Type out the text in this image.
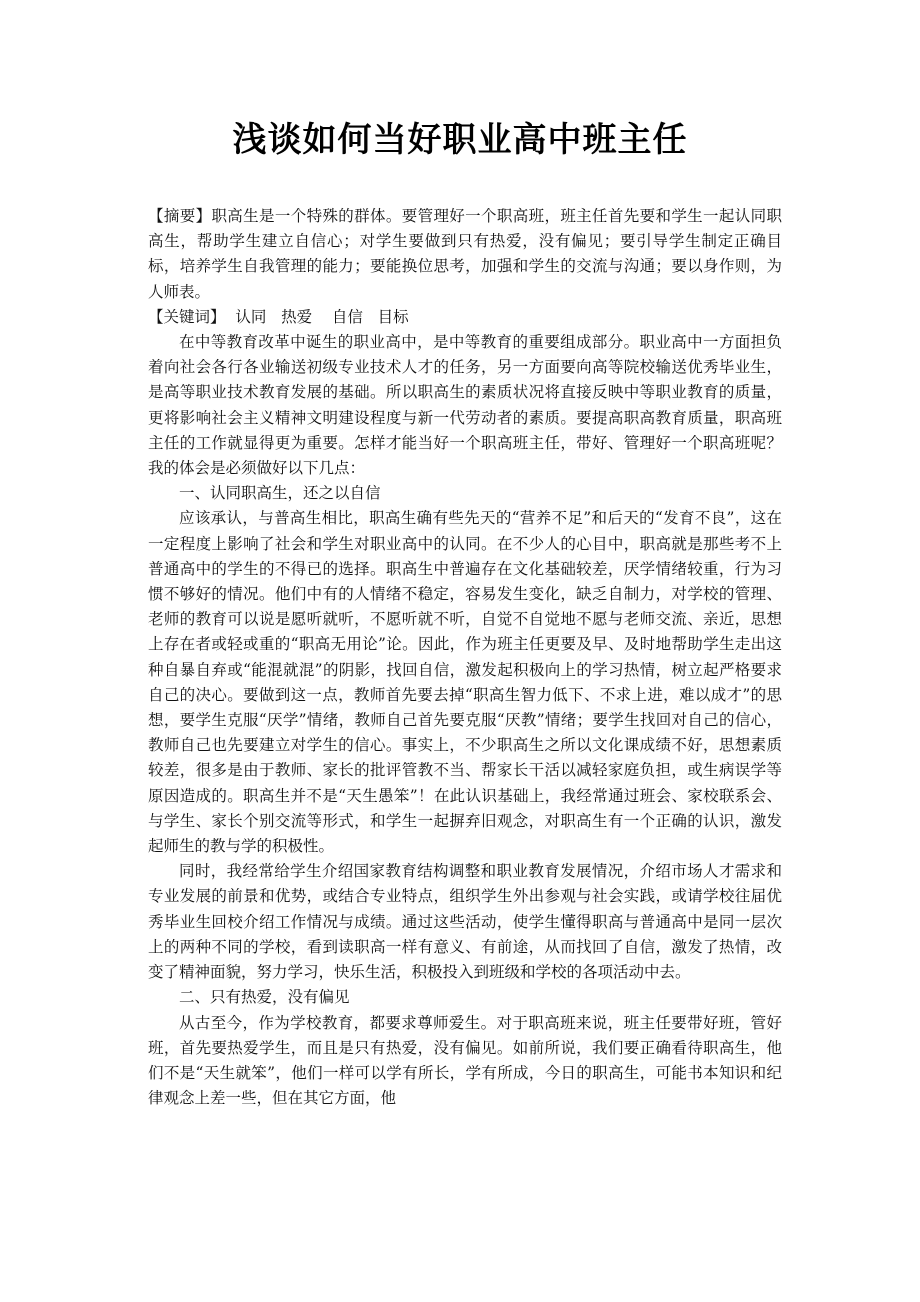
浅谈如何当好职业高中班主任

【摘要】职高生是一个特殊的群体。要管理好一个职高班，班主任首先要和学生一起认同职高生，帮助学生建立自信心；对学生要做到只有热爱，没有偏见；要引导学生制定正确目标，培养学生自我管理的能力；要能换位思考，加强和学生的交流与沟通；要以身作则，为人师表。

【关键词】  认同   热爱    自信   目标

在中等教育改革中诞生的职业高中，是中等教育的重要组成部分。职业高中一方面担负着向社会各行各业输送初级专业技术人才的任务，另一方面要向高等院校输送优秀毕业生，是高等职业技术教育发展的基础。所以职高生的素质状况将直接反映中等职业教育的质量，更将影响社会主义精神文明建设程度与新一代劳动者的素质。要提高职高教育质量，职高班主任的工作就显得更为重要。怎样才能当好一个职高班主任，带好、管理好一个职高班呢？我的体会是必须做好以下几点：

一、认同职高生，还之以自信

应该承认，与普高生相比，职高生确有些先天的“营养不足”和后天的“发育不良”，这在一定程度上影响了社会和学生对职业高中的认同。在不少人的心目中，职高就是那些考不上普通高中的学生的不得已的选择。职高生中普遍存在文化基础较差，厌学情绪较重，行为习惯不够好的情况。他们中有的人情绪不稳定，容易发生变化，缺乏自制力，对学校的管理、老师的教育可以说是愿听就听，不愿听就不听，自觉不自觉地不愿与老师交流、亲近，思想上存在者或轻或重的“职高无用论”论。因此，作为班主任更要及早、及时地帮助学生走出这种自暴自弃或“能混就混”的阴影，找回自信，激发起积极向上的学习热情，树立起严格要求自己的决心。要做到这一点，教师首先要去掉“职高生智力低下、不求上进，难以成才”的思想，要学生克服“厌学”情绪，教师自己首先要克服“厌教”情绪；要学生找回对自己的信心，教师自己也先要建立对学生的信心。事实上，不少职高生之所以文化课成绩不好，思想素质较差，很多是由于教师、家长的批评管教不当、帮家长干活以减轻家庭负担，或生病误学等原因造成的。职高生并不是“天生愚笨”！在此认识基础上，我经常通过班会、家校联系会、与学生、家长个别交流等形式，和学生一起摒弃旧观念，对职高生有一个正确的认识，激发起师生的教与学的积极性。

同时，我经常给学生介绍国家教育结构调整和职业教育发展情况，介绍市场人才需求和专业发展的前景和优势，或结合专业特点，组织学生外出参观与社会实践，或请学校往届优秀毕业生回校介绍工作情况与成绩。通过这些活动，使学生懂得职高与普通高中是同一层次上的两种不同的学校，看到读职高一样有意义、有前途，从而找回了自信，激发了热情，改变了精神面貌，努力学习，快乐生活，积极投入到班级和学校的各项活动中去。

二、只有热爱，没有偏见

从古至今，作为学校教育，都要求尊师爱生。对于职高班来说，班主任要带好班，管好班，首先要热爱学生，而且是只有热爱，没有偏见。如前所说，我们要正确看待职高生，他们不是“天生就笨”，他们一样可以学有所长，学有所成，今日的职高生，可能书本知识和纪律观念上差一些，但在其它方面，他
